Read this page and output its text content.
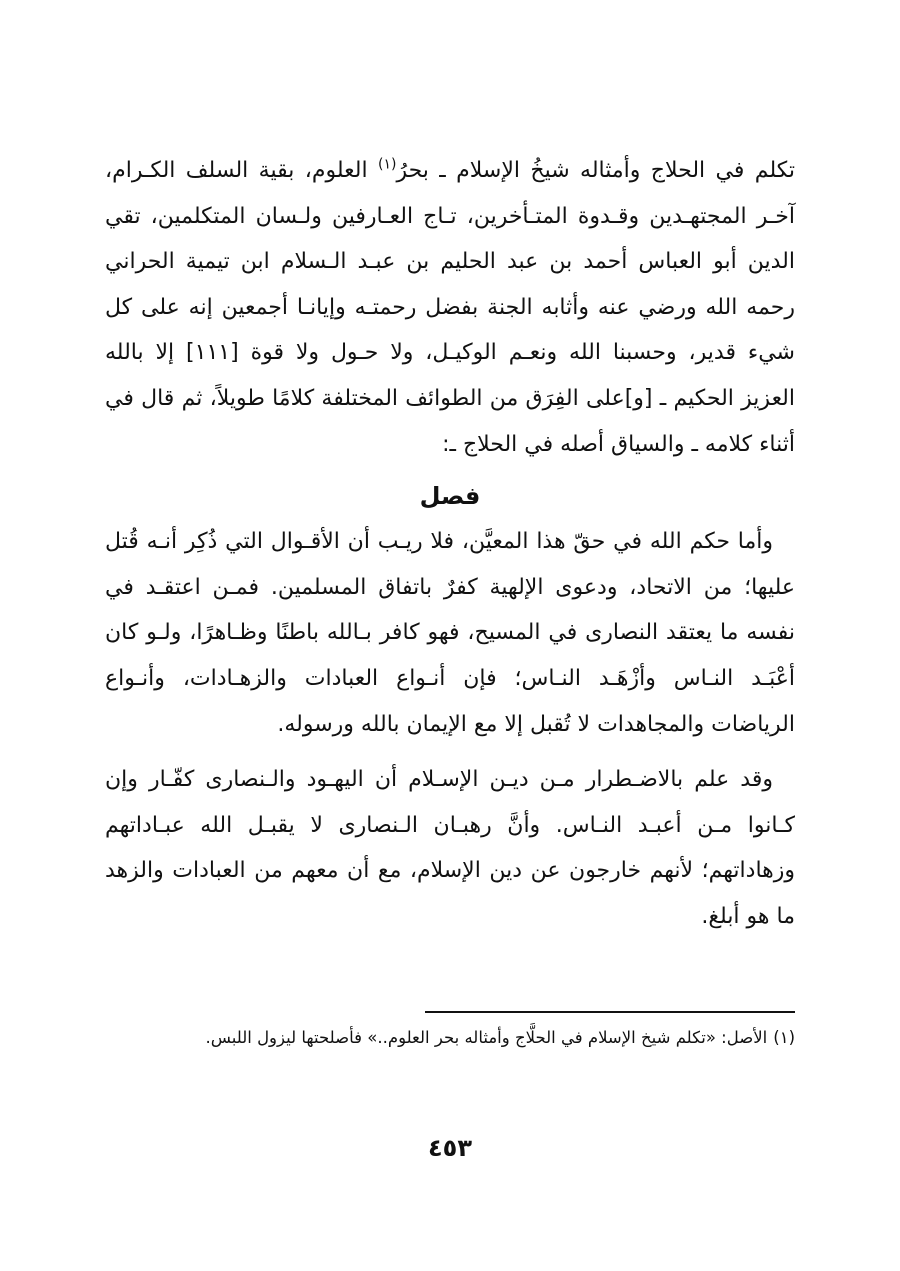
تكلم في الحلاج وأمثاله شيخُ الإسلام ـ بحرُ$^{(١)}$ العلوم، بقية السلف الكـرام، آخـر المجتهـدين وقـدوة المتـأخرين، تـاج العـارفين ولـسان المتكلمين، تقي الدين أبو العباس أحمد بن عبد الحليم بن عبـد الـسلام ابن تيمية الحراني رحمه الله ورضي عنه وأثابه الجنة بفضل رحمتـه وإيانـا أجمعين إنه على كل شيء قدير، وحسبنا الله ونعـم الوكيـل، ولا حـول ولا قوة [١١١] إلا بالله العزيز الحكيم ـ [و]على الفِرَق من الطوائف المختلفة كلامًا طويلاً، ثم قال في أثناء كلامه ـ والسياق أصله في الحلاج ـ:

فصل

وأما حكم الله في حقّ هذا المعيَّن، فلا ريـب أن الأقـوال التي ذُكِر أنـه قُتل عليها؛ من الاتحاد، ودعوى الإلهية كفرٌ باتفاق المسلمين. فمـن اعتقـد في نفسه ما يعتقد النصارى في المسيح، فهو كافر بـالله باطنًا وظـاهرًا، ولـو كان أعْبَـد النـاس وأزْهَـد النـاس؛ فإن أنـواع العبادات والزهـادات، وأنـواع الرياضات والمجاهدات لا تُقبل إلا مع الإيمان بالله ورسوله.

وقد علم بالاضـطرار مـن ديـن الإسـلام أن اليهـود والـنصارى كفّـار وإن كـانوا مـن أعبـد النـاس. وأنَّ رهبـان الـنصارى لا يقبـل الله عبـاداتهم وزهاداتهم؛ لأنهم خارجون عن دين الإسلام، مع أن معهم من العبادات والزهد ما هو أبلغ.

(١)الأصل: «تكلم شيخ الإسلام في الحلَّاج وأمثاله بحر العلوم..» فأصلحتها ليزول اللبس.

٤٥٣
